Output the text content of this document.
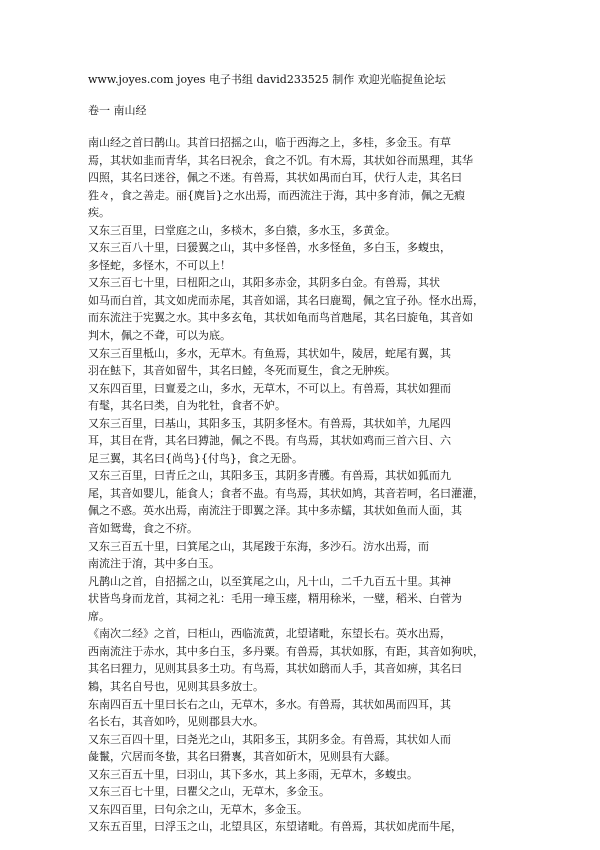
www.joyes.com joyes 电子书组 david233525 制作 欢迎光临捉鱼论坛
卷一 南山经
南山经之首曰鹊山。其首曰招摇之山，临于西海之上，多桂，多金玉。有草
焉，其状如韭而青华，其名曰祝余，食之不饥。有木焉，其状如谷而黑理，其华
四照，其名曰迷谷，佩之不迷。有兽焉，其状如禺而白耳，伏行人走，其名曰
狌々，食之善走。丽{麂旨}之水出焉，而西流注于海，其中多育沛，佩之无瘕
疾。
又东三百里，曰堂庭之山，多棪木，多白猿，多水玉，多黄金。
又东三百八十里，曰猨翼之山，其中多怪兽，水多怪鱼，多白玉，多蝮虫，
多怪蛇，多怪木，不可以上！
又东三百七十里，曰杻阳之山，其阳多赤金，其阴多白金。有兽焉，其状
如马而白首，其文如虎而赤尾，其音如谣，其名曰鹿蜀，佩之宜子孙。怪水出焉，
而东流注于宪翼之水。其中多玄龟，其状如龟而鸟首虺尾，其名曰旋龟，其音如
判木，佩之不聋，可以为底。
又东三百里柢山，多水，无草木。有鱼焉，其状如牛，陵居，蛇尾有翼，其
羽在魼下，其音如留牛，其名曰鯥，冬死而夏生，食之无肿疾。
又东四百里，曰亶爰之山，多水，无草木，不可以上。有兽焉，其状如狸而
有髦，其名曰类，自为牝牡，食者不妒。
又东三百里，曰基山，其阳多玉，其阴多怪木。有兽焉，其状如羊，九尾四
耳，其目在背，其名曰猼訑，佩之不畏。有鸟焉，其状如鸡而三首六目、六
足三翼，其名曰{尚鸟}{付鸟}，食之无卧。
又东三百里，曰青丘之山，其阳多玉，其阴多青雘。有兽焉，其状如狐而九
尾，其音如婴儿，能食人；食者不蛊。有鸟焉，其状如鸠，其音若呵，名曰灌灌，
佩之不惑。英水出焉，南流注于即翼之泽。其中多赤鱬，其状如鱼而人面，其
音如鸳鸯，食之不疥。
又东三百五十里，曰箕尾之山，其尾踆于东海，多沙石。汸水出焉，而
南流注于淯，其中多白玉。
凡鹊山之首，自招摇之山，以至箕尾之山，凡十山，二千九百五十里。其神
状皆鸟身而龙首，其祠之礼：毛用一璋玉瘗，糈用稌米，一璧，稻米、白菅为
席。
《南次二经》之首，曰柜山，西临流黄，北望诸毗，东望长右。英水出焉，
西南流注于赤水，其中多白玉，多丹粟。有兽焉，其状如豚，有距，其音如狗吠，
其名曰狸力，见则其县多土功。有鸟焉，其状如鸱而人手，其音如痹，其名曰
鴸，其名自号也，见则其县多放士。
东南四百五十里曰长右之山，无草木，多水。有兽焉，其状如禺而四耳，其
名长右，其音如吟，见则郡县大水。
又东三百四十里，曰尧光之山，其阳多玉，其阴多金。有兽焉，其状如人而
彘鬣，穴居而冬蛰，其名曰猾褢，其音如斫木，见则县有大繇。
又东三百五十里，曰羽山，其下多水，其上多雨，无草木，多蝮虫。
又东三百七十里，曰瞿父之山，无草木，多金玉。
又东四百里，曰句余之山，无草木，多金玉。
又东五百里，曰浮玉之山，北望具区，东望诸毗。有兽焉，其状如虎而牛尾，
